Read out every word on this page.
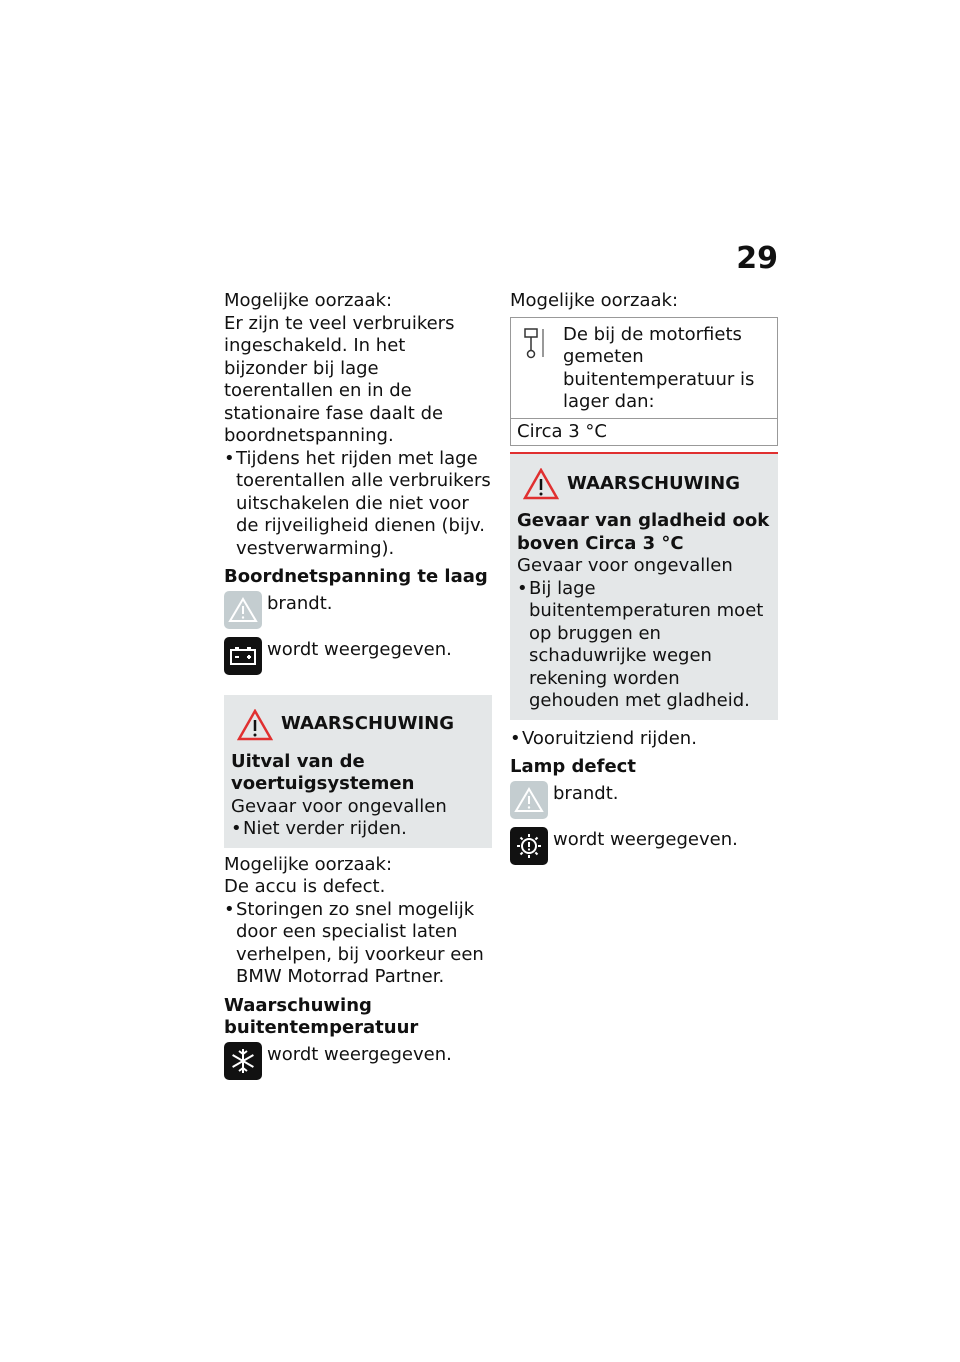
29

Mogelijke oorzaak:

Er zijn te veel verbruikers ingeschakeld. In het bijzonder bij lage toerentallen en in de stationaire fase daalt de boordnetspanning.

• Tijdens het rijden met lage toerentallen alle verbruikers uitschakelen die niet voor de rijveiligheid dienen (bijv. vestverwarming).

Boordnetspanning te laag

brandt.
wordt weergegeven.
WAARSCHUWING

Uitval van de voertuigsystemen

Gevaar voor ongevallen

• Niet verder rijden.

Mogelijke oorzaak:

De accu is defect.

• Storingen zo snel mogelijk door een specialist laten verhelpen, bij voorkeur een BMW Motorrad Partner.

Waarschuwing buitentemperatuur

wordt weergegeven.

Mogelijke oorzaak:

De bij de motorfiets gemeten buitentemperatuur is lager dan:

Circa 3 °C
WAARSCHUWING

Gevaar van gladheid ook boven Circa 3 °C

Gevaar voor ongevallen

• Bij lage buitentemperaturen moet op bruggen en schaduwrijke wegen rekening worden gehouden met gladheid.
• Vooruitziend rijden.

Lamp defect

brandt.
wordt weergegeven.
